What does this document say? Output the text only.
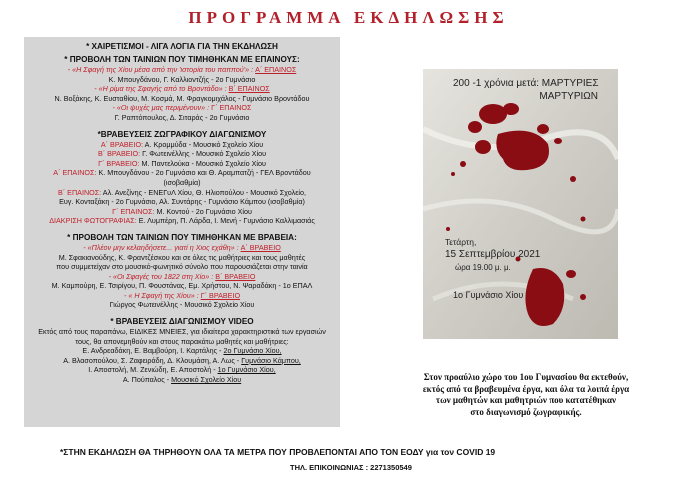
ΠΡΟΓΡΑΜΜΑ ΕΚΔΗΛΩΣΗΣ
* ΧΑΙΡΕΤΙΣΜΟΙ - ΛΙΓΑ ΛΟΓΙΑ ΓΙΑ ΤΗΝ ΕΚΔΗΛΩΣΗ
* ΠΡΟΒΟΛΗ ΤΩΝ ΤΑΙΝΙΩΝ ΠΟΥ ΤΙΜΗΘΗΚΑΝ ΜΕ ΕΠΑΙΝΟΥΣ:
- «Η Σφαγή της Χίου μέσα από την 'ιστορία του παππού'» : Α΄ ΕΠΑΙΝΟΣ
Κ. Μπουγδάνου, Γ. Καλλιοντζής - 2ο Γυμνάσιο
- «Η ρίμα της Σφαγής από το Βροντάδο» : Β΄ ΕΠΑΙΝΟΣ
Ν. Βοξάκης, Κ. Ευσταθίου, Μ. Κοσμά, Μ. Φραγκομιχάλος - Γυμνάσιο Βροντάδου
- «Οι ψυχές μας περιμένουν» : Γ΄ ΕΠΑΙΝΟΣ
Γ. Ραπτόπουλος, Δ. Σιταράς - 2ο Γυμνάσιο
*ΒΡΑΒΕΥΣΕΙΣ ΖΩΓΡΑΦΙΚΟΥ ΔΙΑΓΩΝΙΣΜΟΥ
Α΄ ΒΡΑΒΕΙΟ: Α. Κρομμύδα - Μουσικό Σχολείο Χίου
Β΄ ΒΡΑΒΕΙΟ: Γ. Φωτεινέλλης - Μουσικό Σχολείο Χίου
Γ΄ ΒΡΑΒΕΙΟ: Μ. Παντελούκα - Μουσικό Σχολείο Χίου
Α΄ ΕΠΑΙΝΟΣ: Κ. Μπουγδάνου - 2ο Γυμνάσιο και Θ. Αραμπατζή - ΓΕΛ Βροντάδου
(ισοβαθμία)
Β΄ ΕΠΑΙΝΟΣ: Αλ. Ανεζίνης - ΕΝΕΓυΛ Χίου, Θ. Ηλιοπούλου - Μουσικό Σχολείο,
Ευγ. Κονταξάκη - 2ο Γυμνάσιο, Αλ. Συντάρης - Γυμνάσιο Κάμπου (ισοβαθμία)
Γ΄ ΕΠΑΙΝΟΣ: Μ. Κοντού - 2ο Γυμνάσιο Χίου
ΔΙΑΚΡΙΣΗ ΦΩΤΟΓΡΑΦΙΑΣ: Ε. Λυμπέρη, Π. Λάρδα, Ι. Μενή - Γυμνάσιο Καλλιμασιάς
* ΠΡΟΒΟΛΗ ΤΩΝ ΤΑΙΝΙΩΝ ΠΟΥ ΤΙΜΗΘΗΚΑΝ ΜΕ ΒΡΑΒΕΙΑ:
- «Πλέον μην κελαηδήσετε... γιατί η Χιος εχάθη» : Α΄ ΒΡΑΒΕΙΟ
Μ. Σφακιανούδης, Κ. Φραντζέσκου και σε όλες τις μαθήτριες και τους μαθητές
που συμμετείχαν στο μουσικό-φωνητικό σύνολο που παρουσιάζεται στην ταινία
- «Οι Σφαγές του 1822 στη Χίο» : Β΄ ΒΡΑΒΕΙΟ
Μ. Καμπούρη, Ε. Τσιρίγου, Π. Φουστάνας, Εμ. Χρήστου, Ν. Ψαραδάκη - 1ο ΕΠΑΛ
- « Η Σφαγή της Χίου» : Γ΄ ΒΡΑΒΕΙΟ
Γιώργος Φωτεινέλλης - Μουσικό Σχολείο Χίου
* ΒΡΑΒΕΥΣΕΙΣ ΔΙΑΓΩΝΙΣΜΟΥ VIDEO
Εκτός από τους παραπάνω, ΕΙΔΙΚΕΣ ΜΝΕΙΕΣ, για ιδιαίτερα χαρακτηριστικά των εργασιών
τους, θα απονεμηθούν και στους παρακάτω μαθητές και μαθήτριες:
Ε. Ανδρεαδάκη, Ε. Βαμβούρη, Ι. Καρτάλης - 2ο Γυμνάσιο Χίου,
Α. Βλασοπούλου, Σ. Ζαφειράδη, Δ. Κλουμάση, Α. Λως - Γυμνάσιο Κάμπου,
Ι. Αποστολή, Μ. Ζενιώδη, Ε. Αποστολή - 1ο Γυμνάσιο Χίου,
Α. Πούπαλος - Μουσικό Σχολείο Χίου
200 -1 χρόνια μετά: ΜΑΡΤΥΡΙΕΣ
ΜΑΡΤΥΡΙΩΝ
Τετάρτη,
15 Σεπτεμβρίου 2021
ώρα 19.00 μ. μ.
1ο Γυμνάσιο Χίου
Στον προαύλιο χώρο του 1ου Γυμνασίου θα εκτεθούν,
εκτός από τα βραβευμένα έργα, και όλα τα λοιπά έργα
των μαθητών και μαθητριών που κατατέθηκαν
στο διαγωνισμό ζωγραφικής.
*ΣΤΗΝ ΕΚΔΗΛΩΣΗ ΘΑ ΤΗΡΗΘΟΥΝ ΟΛΑ ΤΑ ΜΕΤΡΑ ΠΟΥ ΠΡΟΒΛΕΠΟΝΤΑΙ ΑΠΟ ΤΟΝ ΕΟΔΥ για τον COVID 19
ΤΗΛ. ΕΠΙΚΟΙΝΩΝΙΑΣ : 2271350549
